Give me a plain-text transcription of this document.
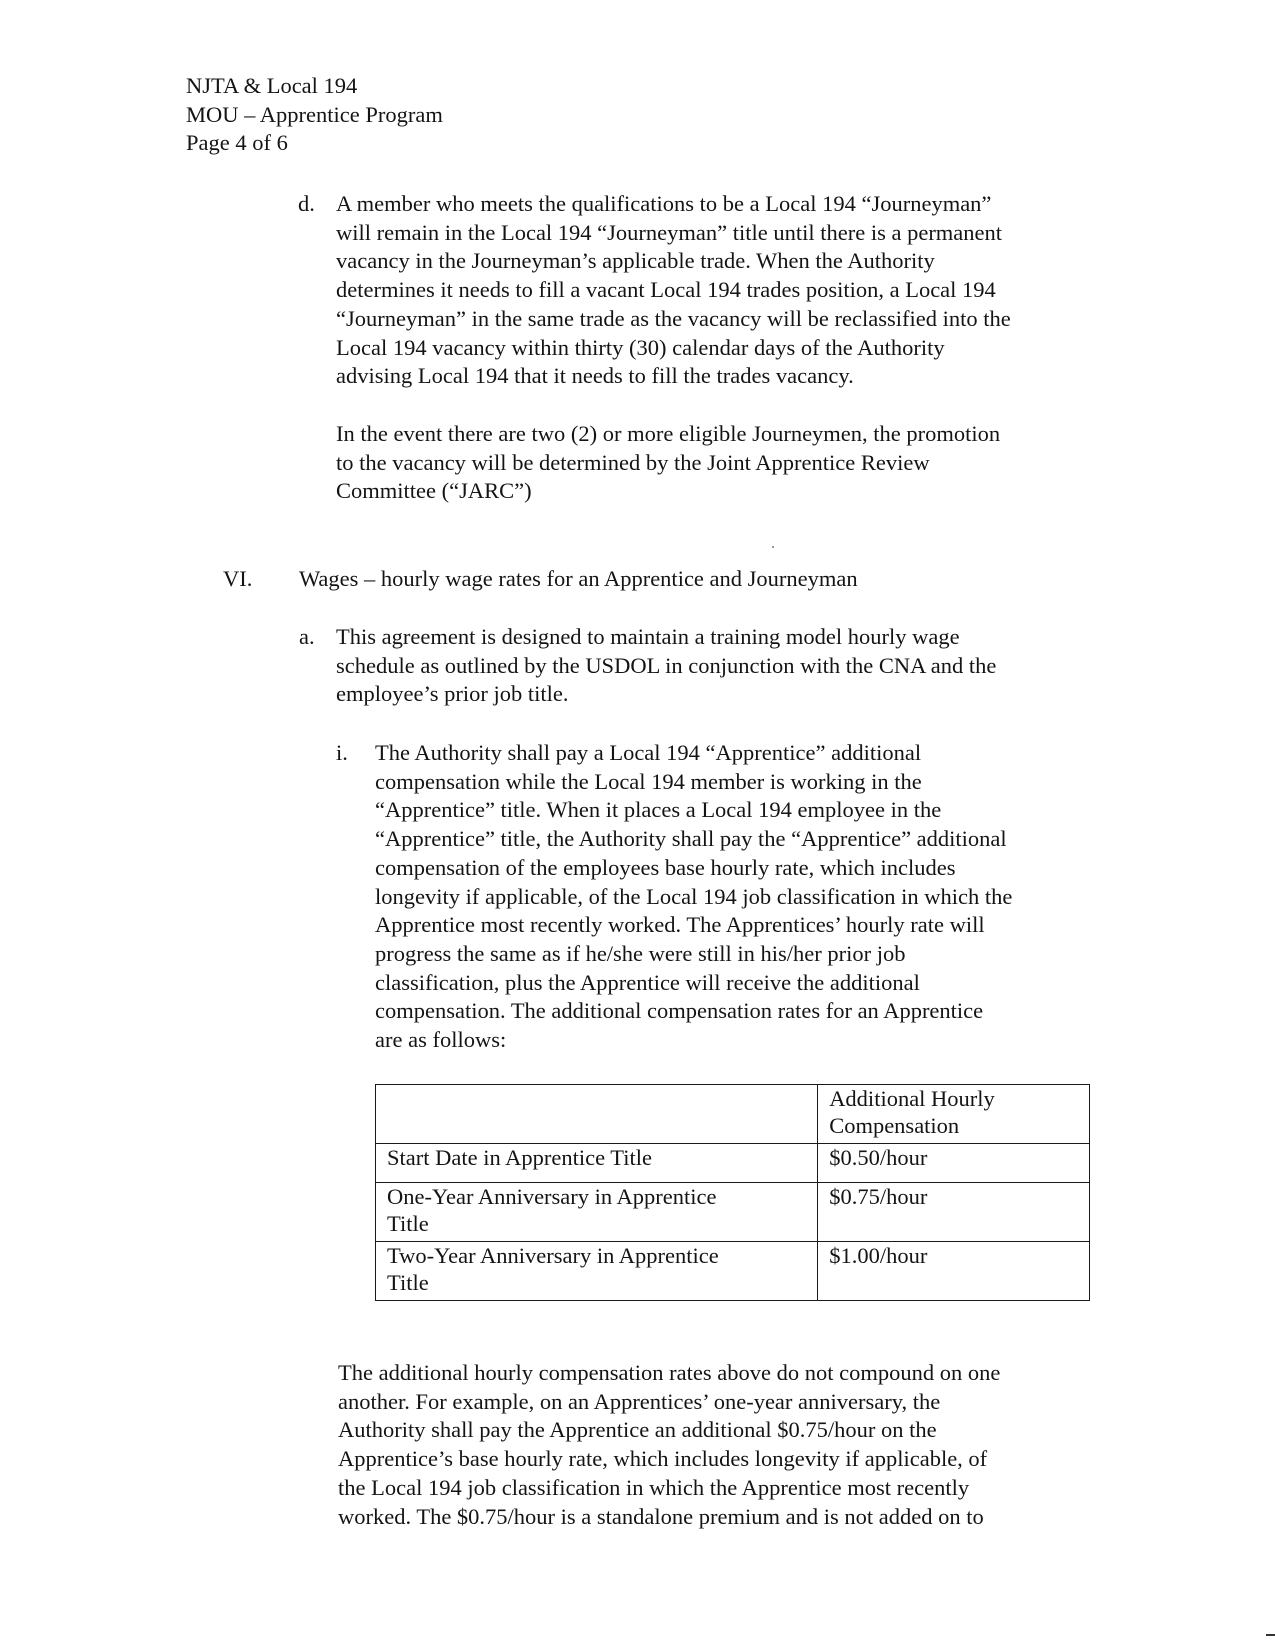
NJTA & Local 194
MOU – Apprentice Program
Page 4 of 6
d. A member who meets the qualifications to be a Local 194 “Journeyman”
will remain in the Local 194 “Journeyman” title until there is a permanent
vacancy in the Journeyman’s applicable trade. When the Authority
determines it needs to fill a vacant Local 194 trades position, a Local 194
“Journeyman” in the same trade as the vacancy will be reclassified into the
Local 194 vacancy within thirty (30) calendar days of the Authority
advising Local 194 that it needs to fill the trades vacancy.
In the event there are two (2) or more eligible Journeymen, the promotion
to the vacancy will be determined by the Joint Apprentice Review
Committee (“JARC”)
VI. Wages – hourly wage rates for an Apprentice and Journeyman
a. This agreement is designed to maintain a training model hourly wage
schedule as outlined by the USDOL in conjunction with the CNA and the
employee’s prior job title.
i. The Authority shall pay a Local 194 “Apprentice” additional
compensation while the Local 194 member is working in the
“Apprentice” title. When it places a Local 194 employee in the
“Apprentice” title, the Authority shall pay the “Apprentice” additional
compensation of the employees base hourly rate, which includes
longevity if applicable, of the Local 194 job classification in which the
Apprentice most recently worked. The Apprentices’ hourly rate will
progress the same as if he/she were still in his/her prior job
classification, plus the Apprentice will receive the additional
compensation. The additional compensation rates for an Apprentice
are as follows:

	Additional Hourly
Compensation

Start Date in Apprentice Title	$0.50/hour

One-Year Anniversary in Apprentice
Title	$0.75/hour

Two-Year Anniversary in Apprentice
Title	$1.00/hour
The additional hourly compensation rates above do not compound on one
another. For example, on an Apprentices’ one-year anniversary, the
Authority shall pay the Apprentice an additional $0.75/hour on the
Apprentice’s base hourly rate, which includes longevity if applicable, of
the Local 194 job classification in which the Apprentice most recently
worked. The $0.75/hour is a standalone premium and is not added on to
